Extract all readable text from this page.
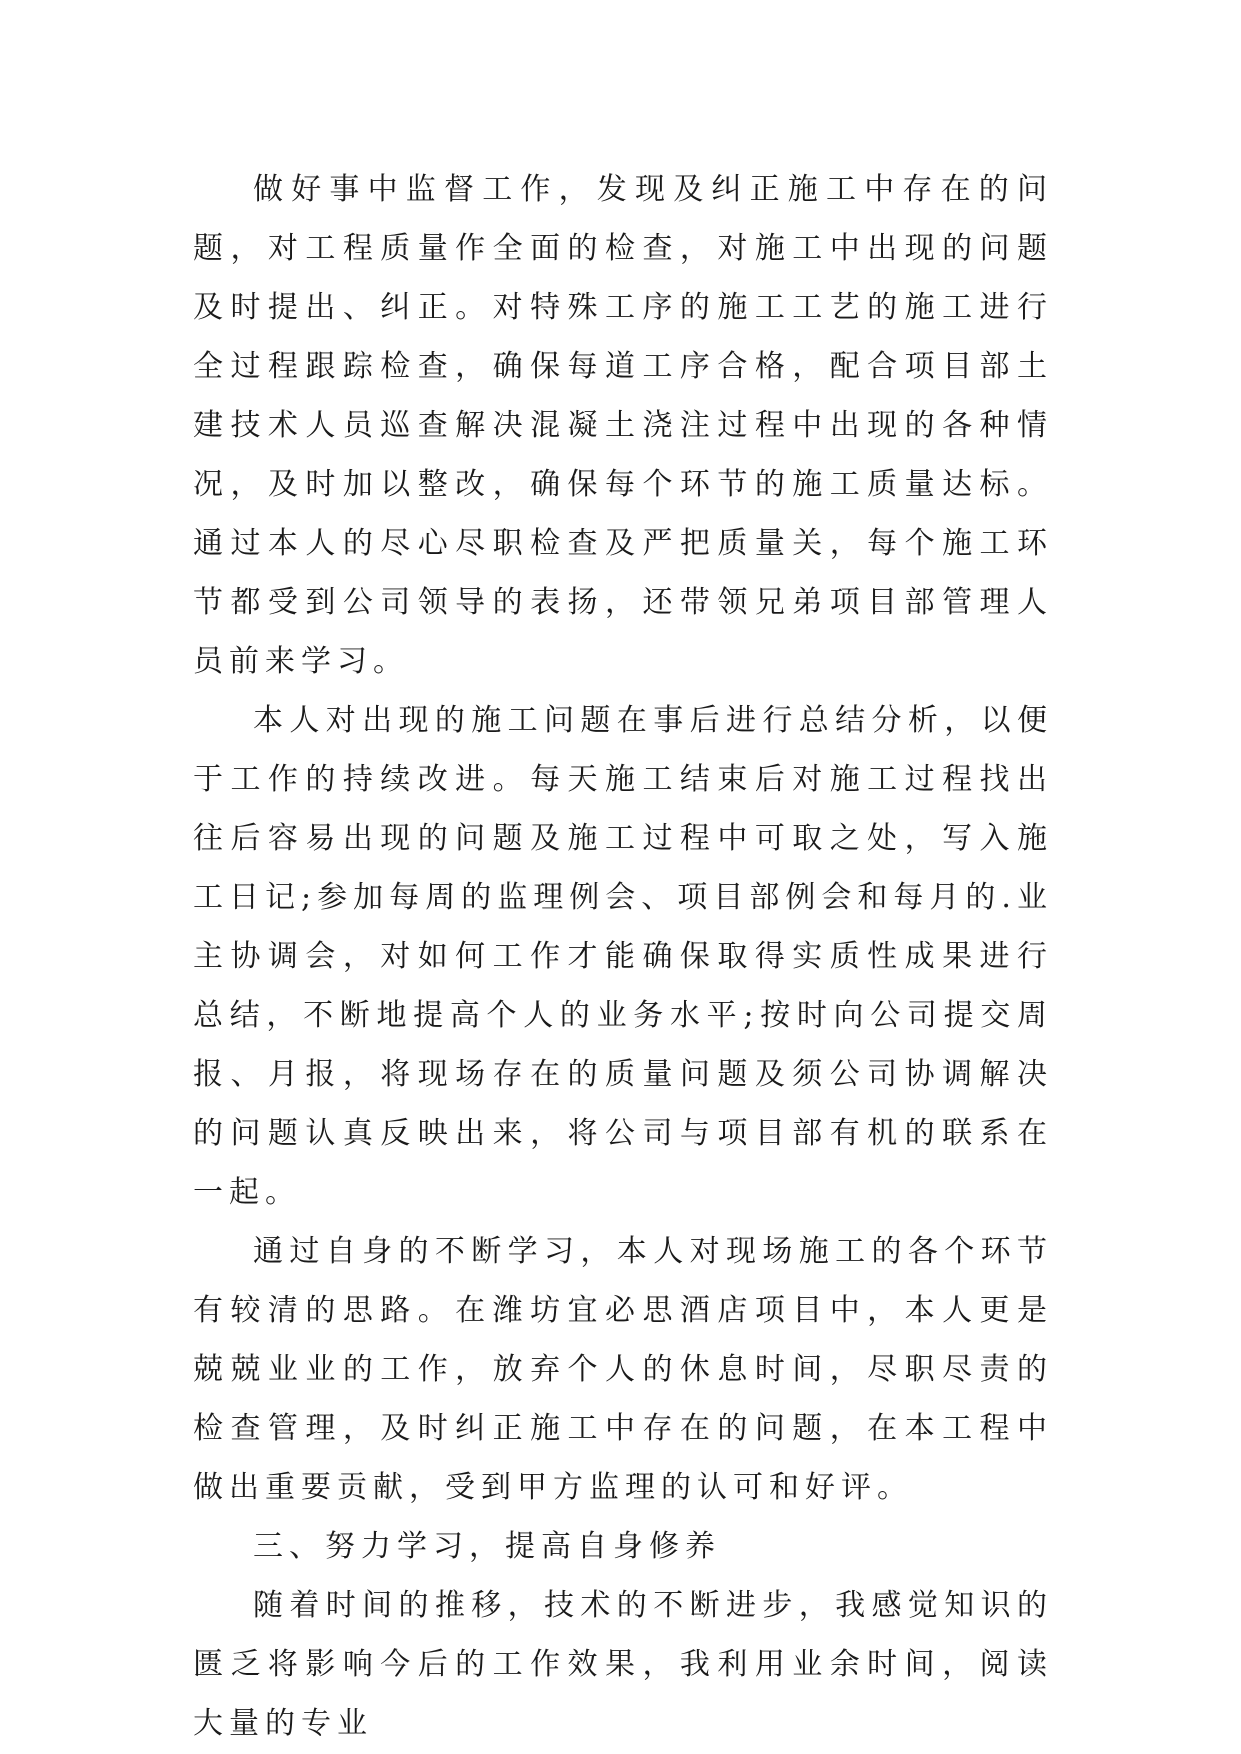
做好事中监督工作，发现及纠正施工中存在的问题，对工程质量作全面的检查，对施工中出现的问题及时提出、纠正。对特殊工序的施工工艺的施工进行全过程跟踪检查，确保每道工序合格，配合项目部土建技术人员巡查解决混凝土浇注过程中出现的各种情况，及时加以整改，确保每个环节的施工质量达标。通过本人的尽心尽职检查及严把质量关，每个施工环节都受到公司领导的表扬，还带领兄弟项目部管理人员前来学习。

本人对出现的施工问题在事后进行总结分析，以便于工作的持续改进。每天施工结束后对施工过程找出往后容易出现的问题及施工过程中可取之处，写入施工日记;参加每周的监理例会、项目部例会和每月的.业主协调会，对如何工作才能确保取得实质性成果进行总结，不断地提高个人的业务水平;按时向公司提交周报、月报，将现场存在的质量问题及须公司协调解决的问题认真反映出来，将公司与项目部有机的联系在一起。

通过自身的不断学习，本人对现场施工的各个环节有较清的思路。在潍坊宜必思酒店项目中，本人更是兢兢业业的工作，放弃个人的休息时间，尽职尽责的检查管理，及时纠正施工中存在的问题，在本工程中做出重要贡献，受到甲方监理的认可和好评。

三、努力学习，提高自身修养

随着时间的推移，技术的不断进步，我感觉知识的匮乏将影响今后的工作效果，我利用业余时间，阅读大量的专业
